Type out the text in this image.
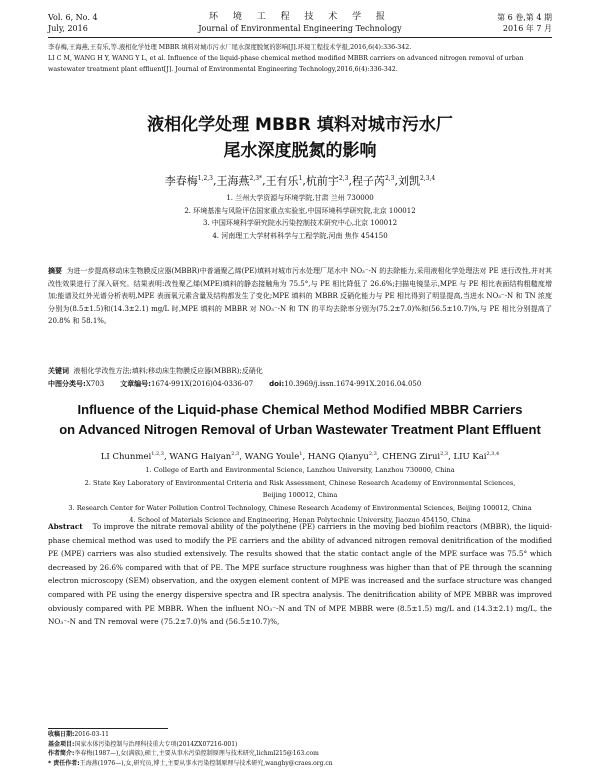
Vol. 6, No. 4
July, 2016
环 境 工 程 技 术 学 报
Journal of Environmental Engineering Technology
第 6 卷,第 4 期
2016 年 7 月
李春梅,王海燕,王有乐,等.液相化学处理 MBBR 填料对城市污水厂尾水深度脱氮的影响[J].环境工程技术学报,2016,6(4):336-342.
LI C M, WANG H Y, WANG Y L, et al. Influence of the liquid-phase chemical method modified MBBR carriers on advanced nitrogen removal of urban
wastewater treatment plant effluent[J]. Journal of Environmental Engineering Technology,2016,6(4):336-342.
液相化学处理 MBBR 填料对城市污水厂
尾水深度脱氮的影响
李春梅$^{1,2,3}$,王海燕$^{2,3*}$,王有乐$^1$,杭前宇$^{2,3}$,程子芮$^{2,3}$,刘凯$^{2,3,4}$
1. 兰州大学资源与环境学院,甘肃 兰州 730000
2. 环境基准与风险评估国家重点实验室,中国环境科学研究院,北京 100012
3. 中国环境科学研究院水污染控制技术研究中心,北京 100012
4. 河南理工大学材料科学与工程学院,河南 焦作 454150
摘要 为进一步提高移动床生物膜反应器(MBBR)中普通聚乙烯(PE)填料对城市污水处理厂尾水中 NO₃⁻-N 的去除能力,采用液相化学处理法对 PE 进行改性,并对其改性效果进行了深入研究。结果表明:改性聚乙烯(MPE)填料的静态接触角为 75.5°,与 PE 相比降低了 26.6%;扫描电镜显示,MPE 与 PE 相比表面结构粗糙度增加;能谱及红外光谱分析表明,MPE 表面氧元素含量及结构都发生了变化;MPE 填料的 MBBR 反硝化能力与 PE 相比得到了明显提高,当进水 NO₃⁻-N 和 TN 浓度分别为(8.5±1.5)和(14.3±2.1) mg/L 时,MPE 填料的 MBBR 对 NO₃⁻-N 和 TN 的平均去除率分别为(75.2±7.0)%和(56.5±10.7)%,与 PE 相比分别提高了 20.8% 和 58.1%。
关键词 液相化学改性方法;填料;移动床生物膜反应器(MBBR);反硝化
中图分类号:X703 文章编号:1674-991X(2016)04-0336-07 doi:10.3969/j.issn.1674-991X.2016.04.050
Influence of the Liquid-phase Chemical Method Modified MBBR Carriers
on Advanced Nitrogen Removal of Urban Wastewater Treatment Plant Effluent
LI Chunmei$^{1,2,3}$, WANG Haiyan$^{2,3}$, WANG Youle$^1$, HANG Qianyu$^{2,3}$, CHENG Zirui$^{2,3}$, LIU Kai$^{2,3,4}$
1. College of Earth and Environmental Science, Lanzhou University, Lanzhou 730000, China
2. State Key Laboratory of Environmental Criteria and Risk Assessment, Chinese Research Academy of Environmental Sciences,
Beijing 100012, China
3. Research Center for Water Pollution Control Technology, Chinese Research Academy of Environmental Sciences, Beijing 100012, China
4. School of Materials Science and Engineering, Henan Polytechnic University, Jiaozuo 454150, China
Abstract To improve the nitrate removal ability of the polythene (PE) carriers in the moving bed biofilm reactors (MBBR), the liquid-phase chemical method was used to modify the PE carriers and the ability of advanced nitrogen removal denitrification of the modified PE (MPE) carriers was also studied extensively. The results showed that the static contact angle of the MPE surface was 75.5° which decreased by 26.6% compared with that of PE. The MPE surface structure roughness was higher than that of PE through the scanning electron microscopy (SEM) observation, and the oxygen element content of MPE was increased and the surface structure was changed compared with PE using the energy dispersive spectra and IR spectra analysis. The denitrification ability of MPE MBBR was improved obviously compared with PE MBBR. When the influent NO₃⁻-N and TN of MPE MBBR were (8.5±1.5) mg/L and (14.3±2.1) mg/L, the NO₃⁻-N and TN removal were (75.2±7.0)% and (56.5±10.7)%,
收稿日期:2016-03-11
基金项目:国家水体污染控制与治理科技重大专项(2014ZX07216-001)
作者简介:李春梅(1987—),女(满族),硕士,主要从事水污染控制原理与技术研究,lichml215@163.com
* 责任作者:王海燕(1976—),女,研究员,博士,主要从事水污染控制原理与技术研究,wanghy@craes.org.cn
